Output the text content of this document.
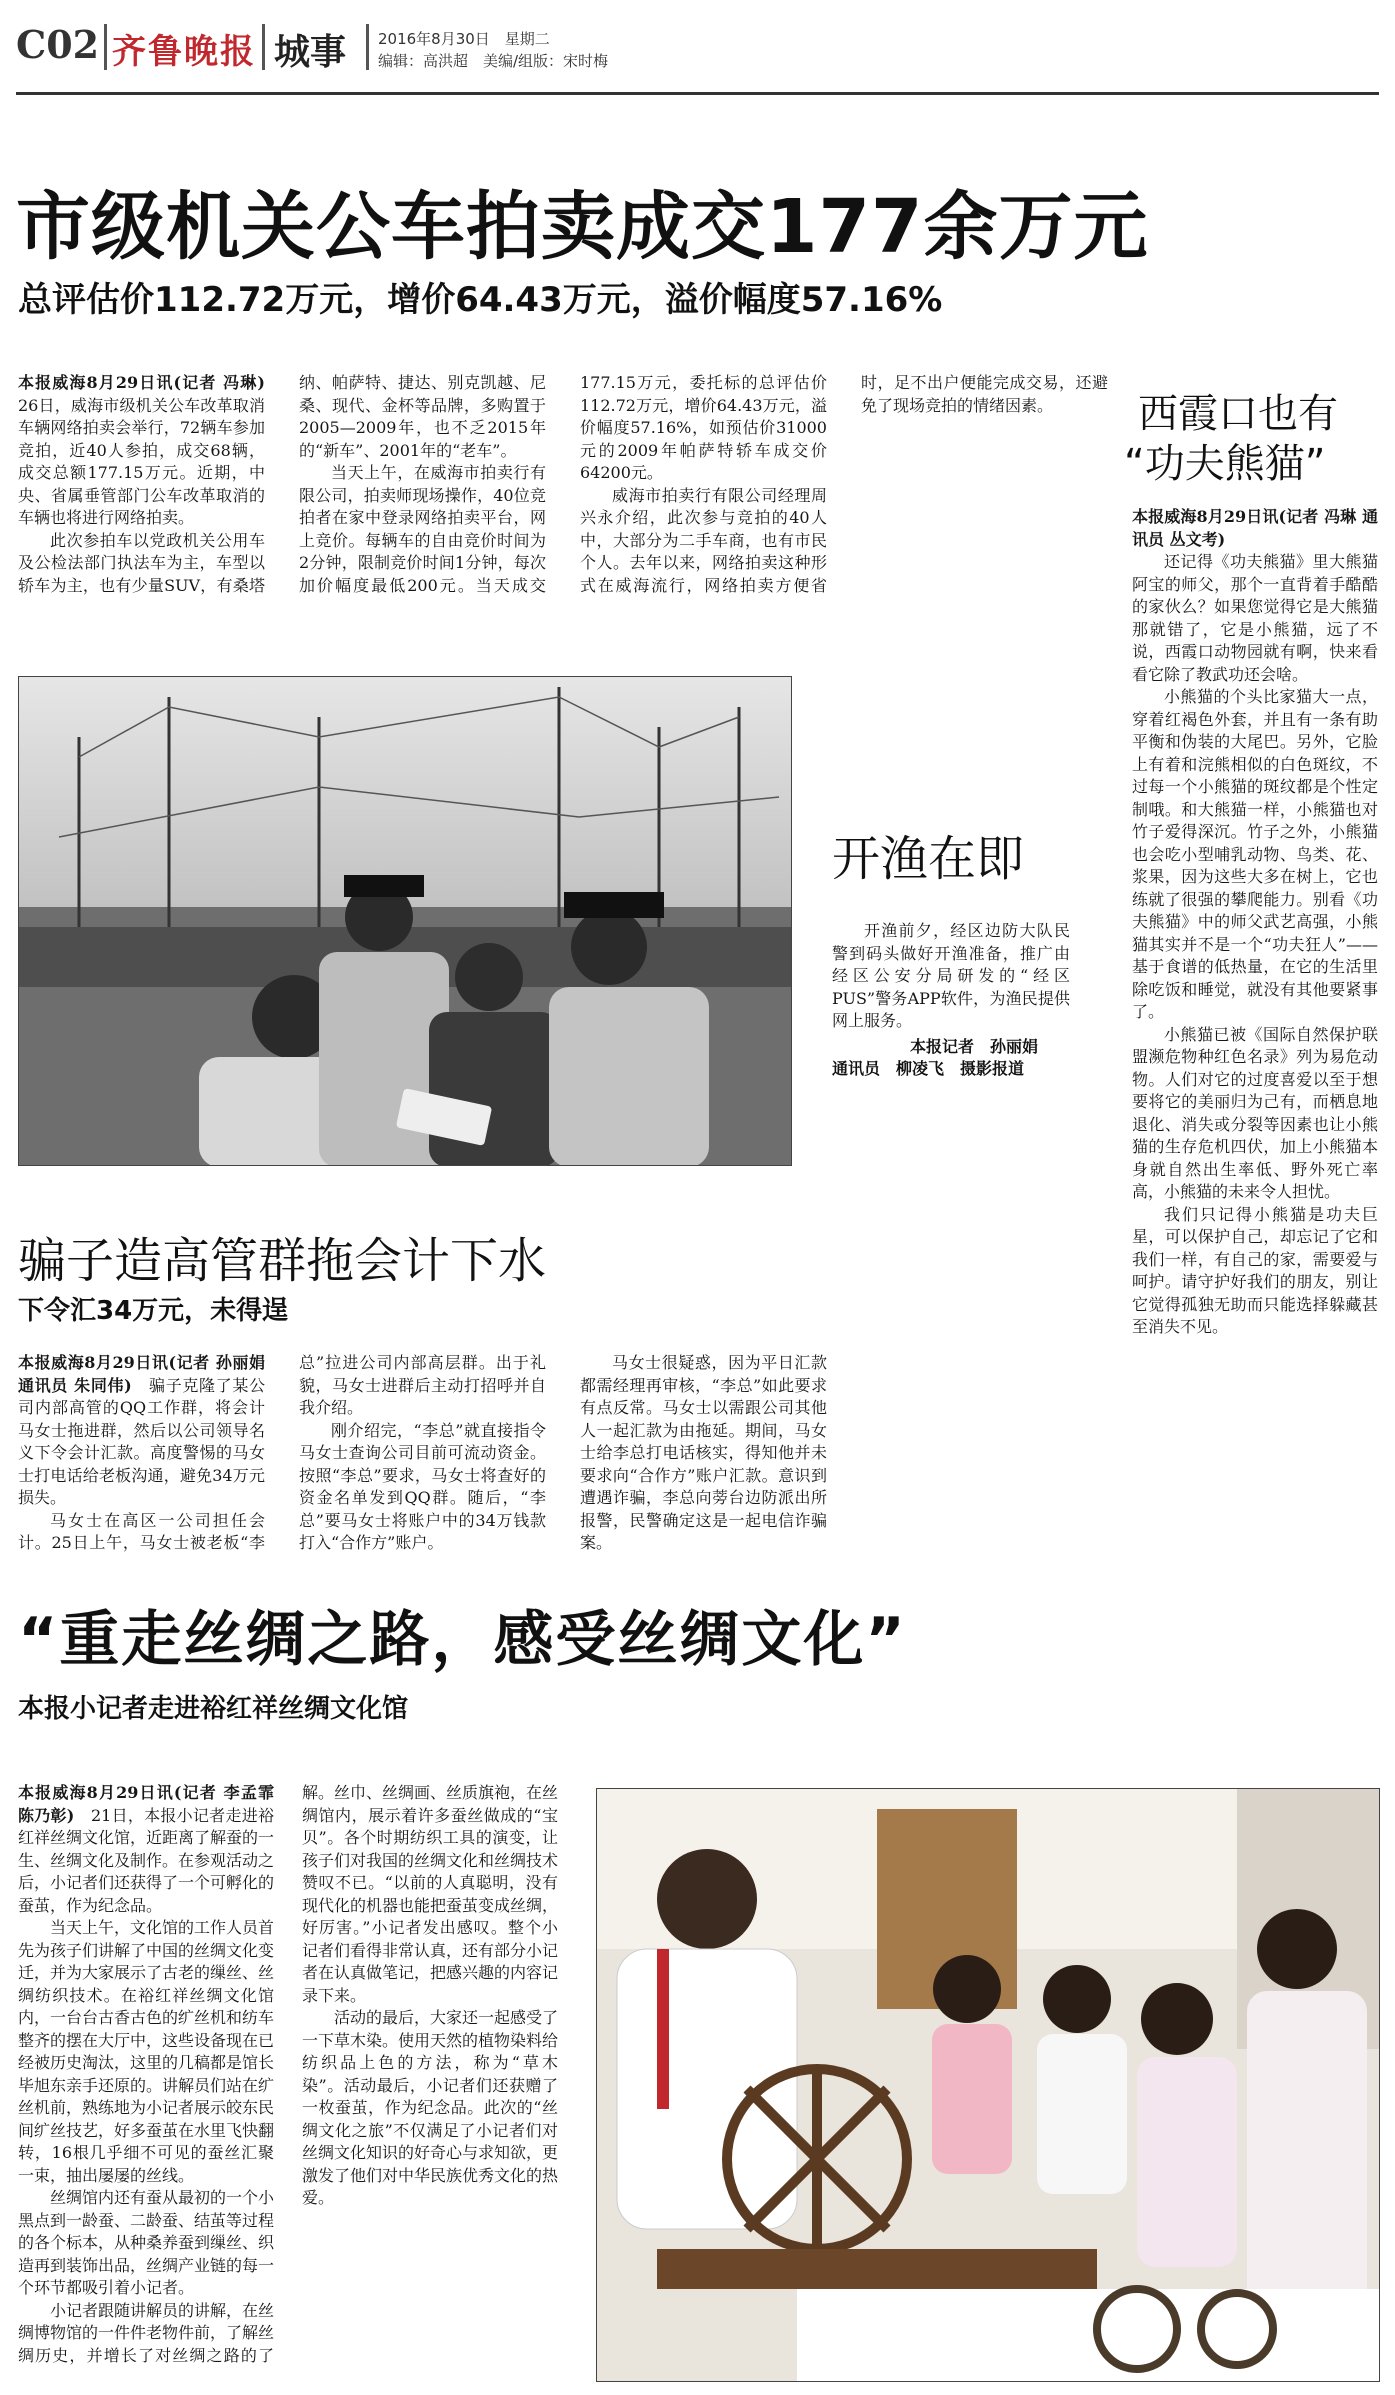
C02 齐鲁晚报 城事 2016年8月30日　星期二
编辑：高洪超　美编/组版：宋时梅
市级机关公车拍卖成交177余万元
总评估价112.72万元，增价64.43万元，溢价幅度57.16%

本报威海8月29日讯(记者 冯琳)　26日，威海市级机关公车改革取消车辆网络拍卖会举行，72辆车参加竞拍，近40人参拍，成交68辆，成交总额177.15万元。近期，中央、省属垂管部门公车改革取消的车辆也将进行网络拍卖。

此次参拍车以党政机关公用车及公检法部门执法车为主，车型以轿车为主，也有少量SUV，有桑塔纳、帕萨特、捷达、别克凯越、尼桑、现代、金杯等品牌，多购置于2005—2009年，也不乏2015年的“新车”、2001年的“老车”。

当天上午，在威海市拍卖行有限公司，拍卖师现场操作，40位竞拍者在家中登录网络拍卖平台，网上竞价。每辆车的自由竞价时间为2分钟，限制竞价时间1分钟，每次加价幅度最低200元。当天成交177.15万元，委托标的总评估价112.72万元，增价64.43万元，溢价幅度57.16%，如预估价31000元的2009年帕萨特轿车成交价64200元。

威海市拍卖行有限公司经理周兴永介绍，此次参与竞拍的40人中，大部分为二手车商，也有市民个人。去年以来，网络拍卖这种形式在威海流行，网络拍卖方便省时，足不出户便能完成交易，还避免了现场竞拍的情绪因素。	西霞口也有
“功夫熊猫”

本报威海8月29日讯(记者 冯琳 通讯员 丛文考)

还记得《功夫熊猫》里大熊猫阿宝的师父，那个一直背着手酷酷的家伙么？如果您觉得它是大熊猫那就错了，它是小熊猫，远了不说，西霞口动物园就有啊，快来看看它除了教武功还会啥。

小熊猫的个头比家猫大一点，穿着红褐色外套，并且有一条有助平衡和伪装的大尾巴。另外，它脸上有着和浣熊相似的白色斑纹，不过每一个小熊猫的斑纹都是个性定制哦。和大熊猫一样，小熊猫也对竹子爱得深沉。竹子之外，小熊猫也会吃小型哺乳动物、鸟类、花、浆果，因为这些大多在树上，它也练就了很强的攀爬能力。别看《功夫熊猫》中的师父武艺高强，小熊猫其实并不是一个“功夫狂人”——基于食谱的低热量，在它的生活里除吃饭和睡觉，就没有其他要紧事了。

小熊猫已被《国际自然保护联盟濒危物种红色名录》列为易危动物。人们对它的过度喜爱以至于想要将它的美丽归为己有，而栖息地退化、消失或分裂等因素也让小熊猫的生存危机四伏，加上小熊猫本身就自然出生率低、野外死亡率高，小熊猫的未来令人担忧。

我们只记得小熊猫是功夫巨星，可以保护自己，却忘记了它和我们一样，有自己的家，需要爱与呵护。请守护好我们的朋友，别让它觉得孤独无助而只能选择躲藏甚至消失不见。

开渔在即

开渔前夕，经区边防大队民警到码头做好开渔准备，推广由经区公安分局研发的“经区PUS”警务APP软件，为渔民提供网上服务。

本报记者　孙丽娟
通讯员　柳凌飞　摄影报道
骗子造高管群拖会计下水
下令汇34万元，未得逞

本报威海8月29日讯(记者 孙丽娟 通讯员 朱同伟)　 骗子克隆了某公司内部高管的QQ工作群，将会计马女士拖进群，然后以公司领导名义下令会计汇款。高度警惕的马女士打电话给老板沟通，避免34万元损失。

马女士在高区一公司担任会计。25日上午，马女士被老板“李总”拉进公司内部高层群。出于礼貌，马女士进群后主动打招呼并自我介绍。

刚介绍完，“李总”就直接指令马女士查询公司目前可流动资金。按照“李总”要求，马女士将查好的资金名单发到QQ群。随后，“李总”要马女士将账户中的34万钱款打入“合作方”账户。

马女士很疑惑，因为平日汇款都需经理再审核，“李总”如此要求有点反常。马女士以需跟公司其他人一起汇款为由拖延。期间，马女士给李总打电话核实，得知他并未要求向“合作方”账户汇款。意识到遭遇诈骗，李总向蒡台边防派出所报警，民警确定这是一起电信诈骗案。

“重走丝绸之路，感受丝绸文化”
本报小记者走进裕红祥丝绸文化馆

本报威海8月29日讯(记者 李孟霏 陈乃彰)　 21日，本报小记者走进裕红祥丝绸文化馆，近距离了解蚕的一生、丝绸文化及制作。在参观活动之后，小记者们还获得了一个可孵化的蚕茧，作为纪念品。

当天上午，文化馆的工作人员首先为孩子们讲解了中国的丝绸文化变迁，并为大家展示了古老的缫丝、丝绸纺织技术。在裕红祥丝绸文化馆内，一台台古香古色的纩丝机和纺车整齐的摆在大厅中，这些设备现在已经被历史淘汰，这里的几稿都是馆长毕旭东亲手还原的。讲解员们站在纩丝机前，熟练地为小记者展示皎东民间纩丝技艺，好多蚕茧在水里飞快翻转，16根几乎细不可见的蚕丝汇聚一束，抽出屡屡的丝线。

丝绸馆内还有蚕从最初的一个小黑点到一龄蚕、二龄蚕、结茧等过程的各个标本，从种桑养蚕到缫丝、织造再到装饰出品，丝绸产业链的每一个环节都吸引着小记者。

小记者跟随讲解员的讲解，在丝绸博物馆的一件件老物件前，了解丝绸历史，并增长了对丝绸之路的了解。丝巾、丝绸画、丝质旗袍，在丝绸馆内，展示着许多蚕丝做成的“宝贝”。各个时期纺织工具的演变，让孩子们对我国的丝绸文化和丝绸技术赞叹不已。“以前的人真聪明，没有现代化的机器也能把蚕茧变成丝绸，好厉害。”小记者发出感叹。整个小记者们看得非常认真，还有部分小记者在认真做笔记，把感兴趣的内容记录下来。

活动的最后，大家还一起感受了一下草木染。使用天然的植物染料给纺织品上色的方法，称为“草木染”。活动最后，小记者们还获赠了一枚蚕茧，作为纪念品。此次的“丝绸文化之旅”不仅满足了小记者们对丝绸文化知识的好奇心与求知欲，更激发了他们对中华民族优秀文化的热爱。
